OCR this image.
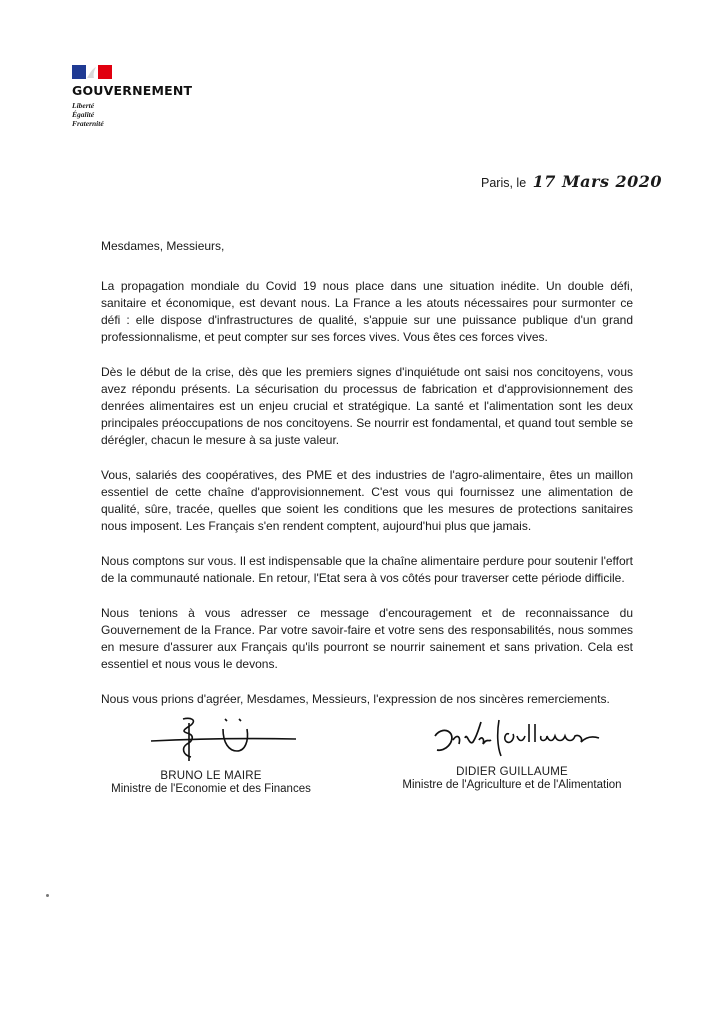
GOUVERNEMENT
Liberté
Égalité
Fraternité
Paris, le 17 Mars 2020
Mesdames, Messieurs,

La propagation mondiale du Covid 19 nous place dans une situation inédite. Un double défi, sanitaire et économique, est devant nous. La France a les atouts nécessaires pour surmonter ce défi : elle dispose d'infrastructures de qualité, s'appuie sur une puissance publique d'un grand professionnalisme, et peut compter sur ses forces vives. Vous êtes ces forces vives.

Dès le début de la crise, dès que les premiers signes d'inquiétude ont saisi nos concitoyens, vous avez répondu présents. La sécurisation du processus de fabrication et d'approvisionnement des denrées alimentaires est un enjeu crucial et stratégique. La santé et l'alimentation sont les deux principales préoccupations de nos concitoyens. Se nourrir est fondamental, et quand tout semble se dérégler, chacun le mesure à sa juste valeur.

Vous, salariés des coopératives, des PME et des industries de l'agro-alimentaire, êtes un maillon essentiel de cette chaîne d'approvisionnement. C'est vous qui fournissez une alimentation de qualité, sûre, tracée, quelles que soient les conditions que les mesures de protections sanitaires nous imposent. Les Français s'en rendent comptent, aujourd'hui plus que jamais.

Nous comptons sur vous. Il est indispensable que la chaîne alimentaire perdure pour soutenir l'effort de la communauté nationale. En retour, l'Etat sera à vos côtés pour traverser cette période difficile.

Nous tenions à vous adresser ce message d'encouragement et de reconnaissance du Gouvernement de la France. Par votre savoir-faire et votre sens des responsabilités, nous sommes en mesure d'assurer aux Français qu'ils pourront se nourrir sainement et sans privation. Cela est essentiel et nous vous le devons.

Nous vous prions d'agréer, Mesdames, Messieurs, l'expression de nos sincères remerciements.

BRUNO LE MAIRE
Ministre de l'Economie et des Finances
DIDIER GUILLAUME
Ministre de l'Agriculture et de l'Alimentation
